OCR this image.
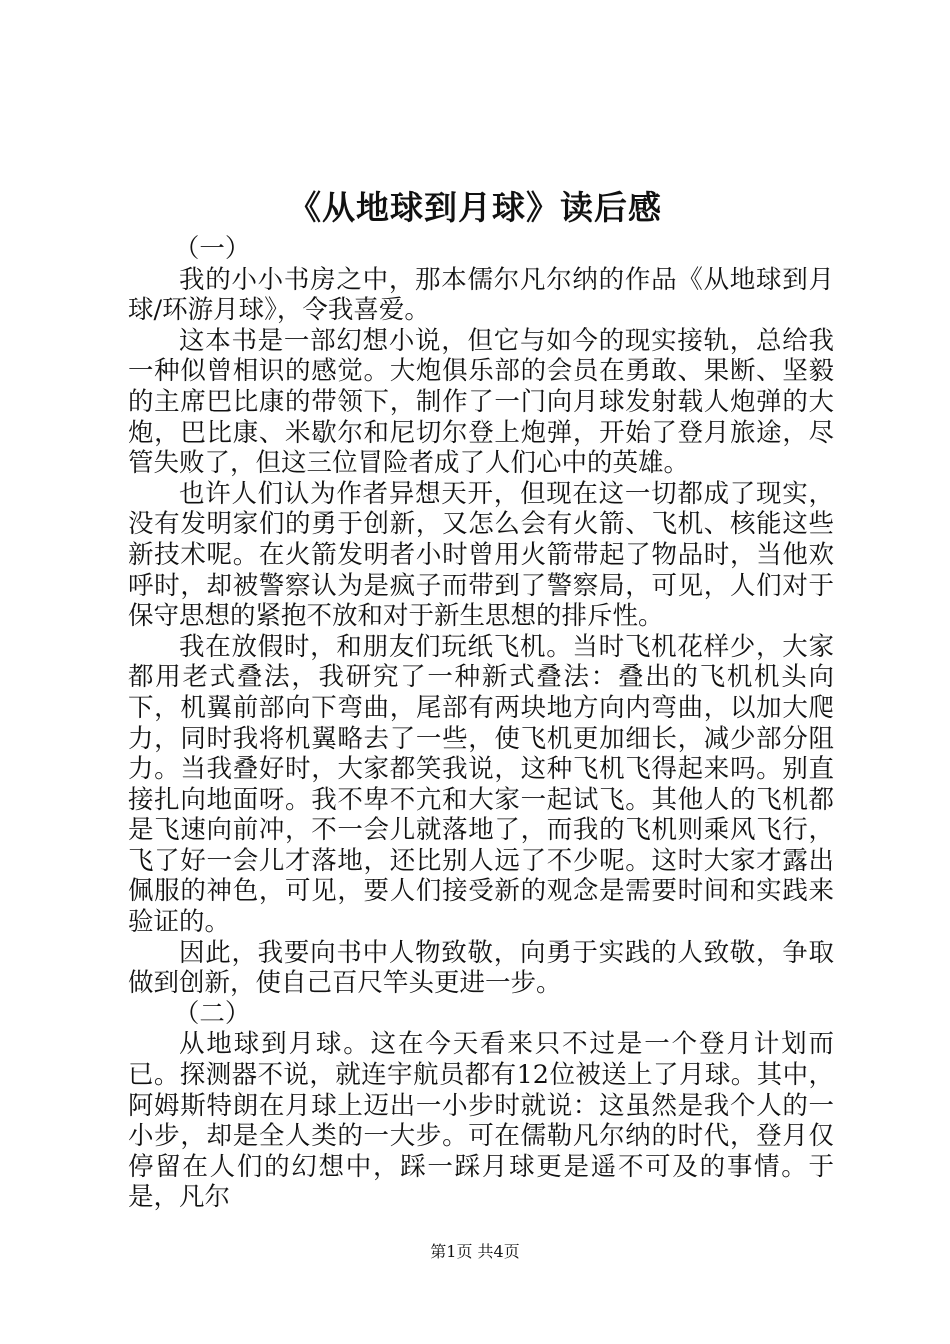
《从地球到月球》读后感

（一）

我的小小书房之中，那本儒尔凡尔纳的作品《从地球到月球/环游月球》，令我喜爱。

这本书是一部幻想小说，但它与如今的现实接轨，总给我一种似曾相识的感觉。大炮俱乐部的会员在勇敢、果断、坚毅的主席巴比康的带领下，制作了一门向月球发射载人炮弹的大炮，巴比康、米歇尔和尼切尔登上炮弹，开始了登月旅途，尽管失败了，但这三位冒险者成了人们心中的英雄。

也许人们认为作者异想天开，但现在这一切都成了现实，没有发明家们的勇于创新，又怎么会有火箭、飞机、核能这些新技术呢。在火箭发明者小时曾用火箭带起了物品时，当他欢呼时，却被警察认为是疯子而带到了警察局，可见，人们对于保守思想的紧抱不放和对于新生思想的排斥性。

我在放假时，和朋友们玩纸飞机。当时飞机花样少，大家都用老式叠法，我研究了一种新式叠法：叠出的飞机机头向下，机翼前部向下弯曲，尾部有两块地方向内弯曲，以加大爬力，同时我将机翼略去了一些，使飞机更加细长，减少部分阻力。当我叠好时，大家都笑我说，这种飞机飞得起来吗。别直接扎向地面呀。我不卑不亢和大家一起试飞。其他人的飞机都是飞速向前冲，不一会儿就落地了，而我的飞机则乘风飞行，飞了好一会儿才落地，还比别人远了不少呢。这时大家才露出佩服的神色，可见，要人们接受新的观念是需要时间和实践来验证的。

因此，我要向书中人物致敬，向勇于实践的人致敬，争取做到创新，使自己百尺竿头更进一步。

（二）

从地球到月球。这在今天看来只不过是一个登月计划而已。探测器不说，就连宇航员都有12位被送上了月球。其中，阿姆斯特朗在月球上迈出一小步时就说：这虽然是我个人的一小步，却是全人类的一大步。可在儒勒凡尔纳的时代，登月仅停留在人们的幻想中，踩一踩月球更是遥不可及的事情。于是，凡尔

第1页 共4页
